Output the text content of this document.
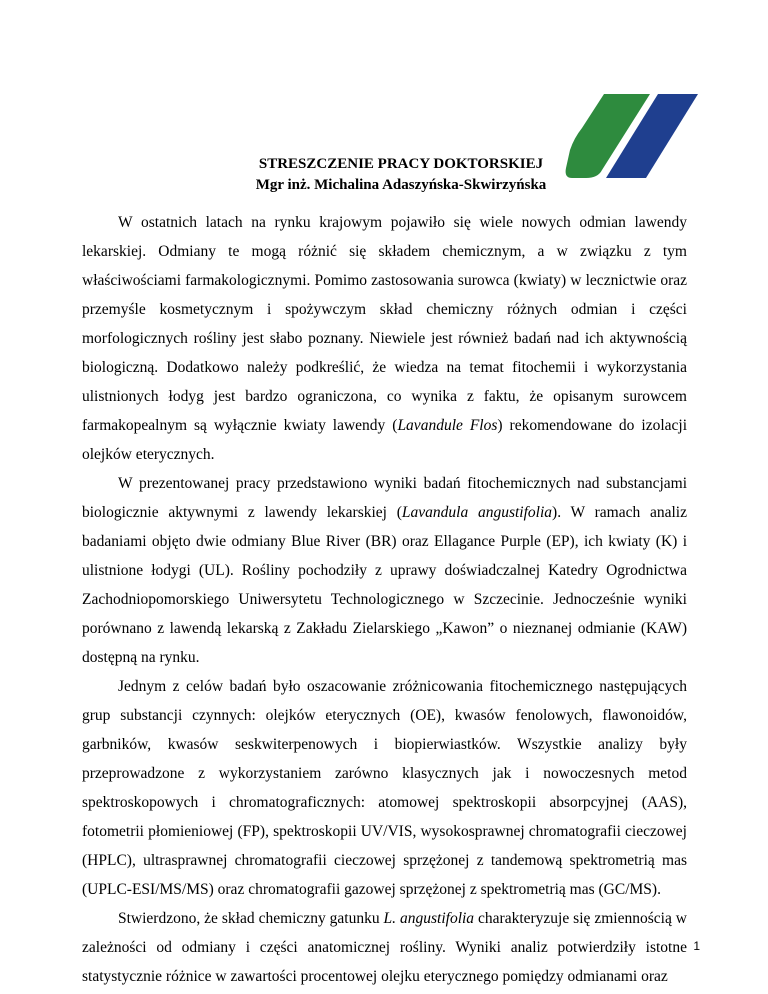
STRESZCZENIE PRACY DOKTORSKIEJ
Mgr inż. Michalina Adaszyńska-Skwirzyńska

W ostatnich latach na rynku krajowym pojawiło się wiele nowych odmian lawendy lekarskiej. Odmiany te mogą różnić się składem chemicznym, a w związku z tym właściwościami farmakologicznymi. Pomimo zastosowania surowca (kwiaty) w lecznictwie oraz przemyśle kosmetycznym i spożywczym skład chemiczny różnych odmian i części morfologicznych rośliny jest słabo poznany. Niewiele jest również badań nad ich aktywnością biologiczną. Dodatkowo należy podkreślić, że wiedza na temat fitochemii i wykorzystania ulistnionych łodyg jest bardzo ograniczona, co wynika z faktu, że opisanym surowcem farmakopealnym są wyłącznie kwiaty lawendy (Lavandule Flos) rekomendowane do izolacji olejków eterycznych.

W prezentowanej pracy przedstawiono wyniki badań fitochemicznych nad substancjami biologicznie aktywnymi z lawendy lekarskiej (Lavandula angustifolia). W ramach analiz badaniami objęto dwie odmiany Blue River (BR) oraz Ellagance Purple (EP), ich kwiaty (K) i ulistnione łodygi (UL). Rośliny pochodziły z uprawy doświadczalnej Katedry Ogrodnictwa Zachodniopomorskiego Uniwersytetu Technologicznego w Szczecinie. Jednocześnie wyniki porównano z lawendą lekarską z Zakładu Zielarskiego „Kawon” o nieznanej odmianie (KAW) dostępną na rynku.

Jednym z celów badań było oszacowanie zróżnicowania fitochemicznego następujących grup substancji czynnych: olejków eterycznych (OE), kwasów fenolowych, flawonoidów, garbników, kwasów seskwiterpenowych i biopierwiastków. Wszystkie analizy były przeprowadzone z wykorzystaniem zarówno klasycznych jak i nowoczesnych metod spektroskopowych i chromatograficznych: atomowej spektroskopii absorpcyjnej (AAS), fotometrii płomieniowej (FP), spektroskopii UV/VIS, wysokosprawnej chromatografii cieczowej (HPLC), ultrasprawnej chromatografii cieczowej sprzężonej z tandemową spektrometrią mas (UPLC-ESI/MS/MS) oraz chromatografii gazowej sprzężonej z spektrometrią mas (GC/MS).

Stwierdzono, że skład chemiczny gatunku L. angustifolia charakteryzuje się zmiennością w zależności od odmiany i części anatomicznej rośliny. Wyniki analiz potwierdziły istotne statystycznie różnice w zawartości procentowej olejku eterycznego pomiędzy odmianami oraz

1
